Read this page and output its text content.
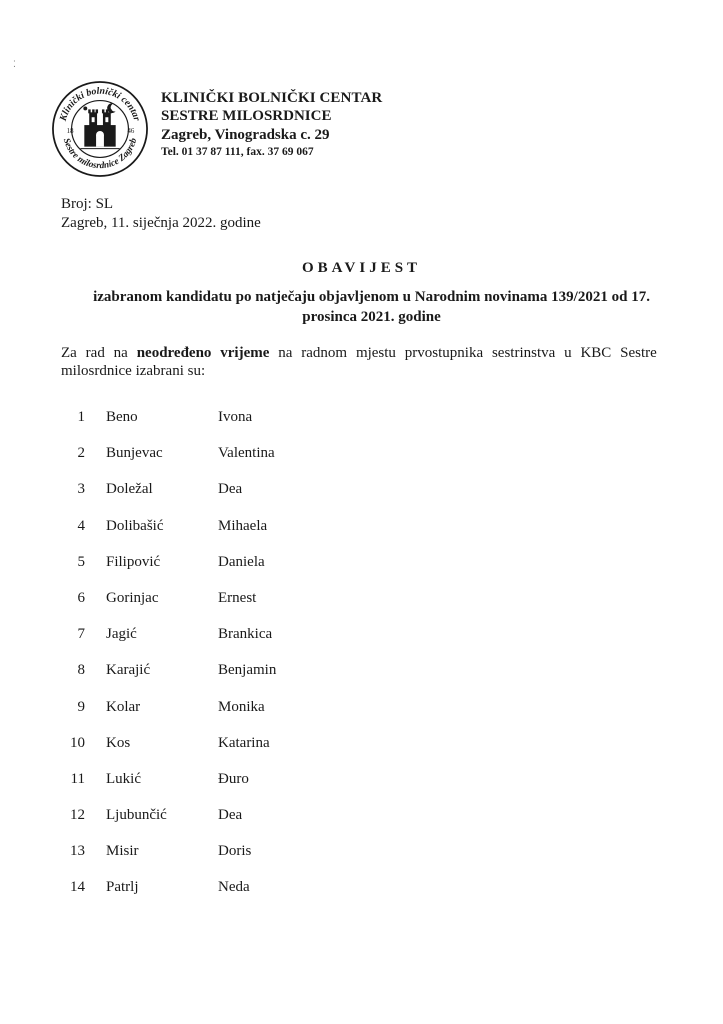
⁚
Klinički bolnički centar
Sestre milosrdnice Zagreb
18	46
KLINIČKI BOLNIČKI CENTAR
SESTRE MILOSRDNICE
Zagreb, Vinogradska c. 29
Tel. 01 37 87 111, fax. 37 69 067
Broj: SL
Zagreb, 11. siječnja 2022. godine
OBAVIJEST
izabranom kandidatu po natječaju objavljenom u Narodnim novinama 139/2021 od 17.
prosinca 2021. godine
Za rad na neodređeno vrijeme na radnom mjestu prvostupnika sestrinstva u KBC Sestre
milosrdnice izabrani su:
1 Beno	Ivona
2 Bunjevac	Valentina
3 Doležal	Dea
4 Dolibašić	Mihaela
5 Filipović	Daniela
6 Gorinjac	Ernest
7 Jagić	Brankica
8 Karajić	Benjamin
9 Kolar	Monika
10 Kos	Katarina
11 Lukić	Đuro
12 Ljubunčić	Dea
13 Misir	Doris
14 Patrlj	Neda
